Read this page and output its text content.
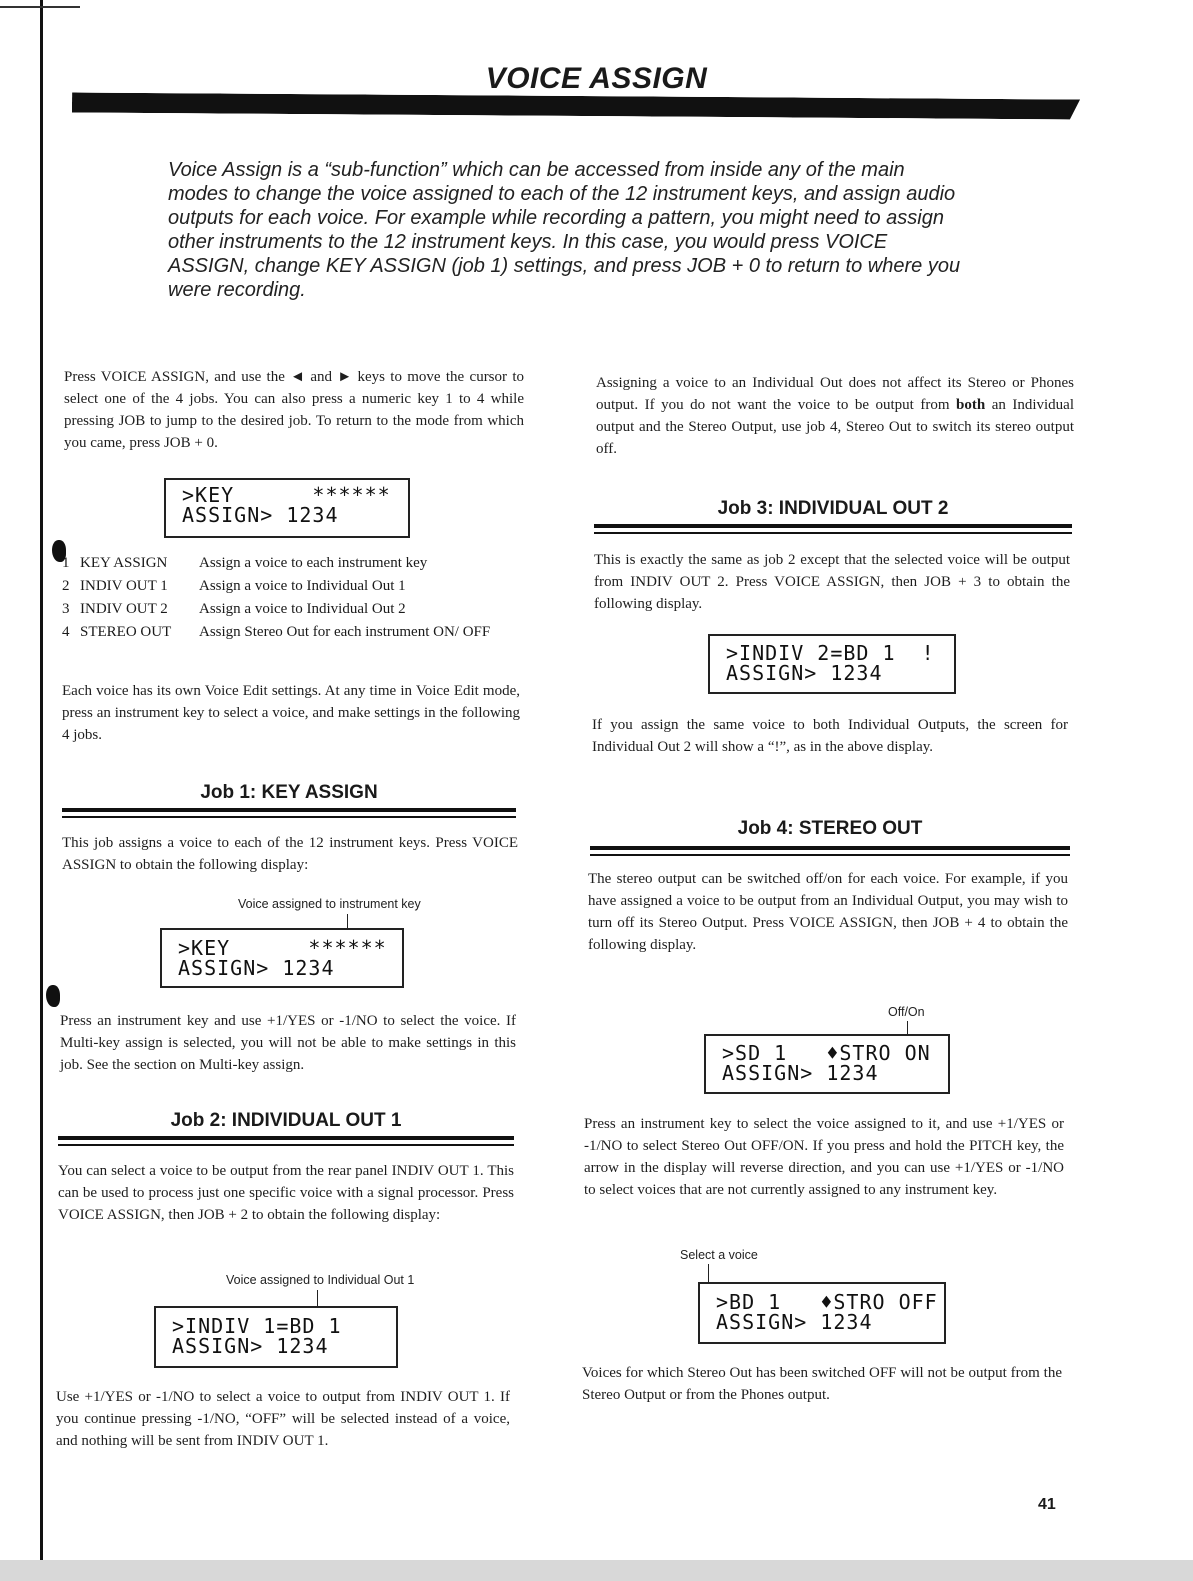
VOICE ASSIGN
Voice Assign is a “sub-function” which can be accessed from inside any of the main modes to change the voice assigned to each of the 12 instrument keys, and assign audio outputs for each voice. For example while recording a pattern, you might need to assign other instruments to the 12 instrument keys. In this case, you would press VOICE ASSIGN, change KEY ASSIGN (job 1) settings, and press JOB + 0 to return to where you were recording.
Press VOICE ASSIGN, and use the ◄ and ► keys to move the cursor to select one of the 4 jobs. You can also press a numeric key 1 to 4 while pressing JOB to jump to the desired job. To return to the mode from which you came, press JOB + 0.
>KEY      ******
ASSIGN> 1234
1 KEY ASSIGN Assign a voice to each instrument key
2 INDIV OUT 1 Assign a voice to Individual Out 1
3 INDIV OUT 2 Assign a voice to Individual Out 2
4 STEREO OUT Assign Stereo Out for each instrument ON/ OFF
Each voice has its own Voice Edit settings. At any time in Voice Edit mode, press an instrument key to select a voice, and make settings in the following 4 jobs.
Job 1: KEY ASSIGN
This job assigns a voice to each of the 12 instrument keys. Press VOICE ASSIGN to obtain the following display:
Voice assigned to instrument key
>KEY      ******
ASSIGN> 1234
Press an instrument key and use +1/YES or -1/NO to select the voice. If Multi-key assign is selected, you will not be able to make settings in this job. See the section on Multi-key assign.
Job 2: INDIVIDUAL OUT 1
You can select a voice to be output from the rear panel INDIV OUT 1. This can be used to process just one specific voice with a signal processor. Press VOICE ASSIGN, then JOB + 2 to obtain the following display:
Voice assigned to Individual Out 1
>INDIV 1=BD 1
ASSIGN> 1234
Use +1/YES or -1/NO to select a voice to output from INDIV OUT 1. If you continue pressing -1/NO, “OFF” will be selected instead of a voice, and nothing will be sent from INDIV OUT 1.
Assigning a voice to an Individual Out does not affect its Stereo or Phones output. If you do not want the voice to be output from both an Individual output and the Stereo Output, use job 4, Stereo Out to switch its stereo output off.
Job 3: INDIVIDUAL OUT 2
This is exactly the same as job 2 except that the selected voice will be output from INDIV OUT 2. Press VOICE ASSIGN, then JOB + 3 to obtain the following display.
>INDIV 2=BD 1  !
ASSIGN> 1234
If you assign the same voice to both Individual Outputs, the screen for Individual Out 2 will show a “!”, as in the above display.
Job 4: STEREO OUT
The stereo output can be switched off/on for each voice. For example, if you have assigned a voice to be output from an Individual Output, you may wish to turn off its Stereo Output. Press VOICE ASSIGN, then JOB + 4 to obtain the following display.
Off/On
>SD 1   ♦STRO ON
ASSIGN> 1234
Press an instrument key to select the voice assigned to it, and use +1/YES or -1/NO to select Stereo Out OFF/ON. If you press and hold the PITCH key, the arrow in the display will reverse direction, and you can use +1/YES or -1/NO to select voices that are not currently assigned to any instrument key.
Select a voice
>BD 1   ♦STRO OFF
ASSIGN> 1234
Voices for which Stereo Out has been switched OFF will not be output from the Stereo Output or from the Phones output.
41
